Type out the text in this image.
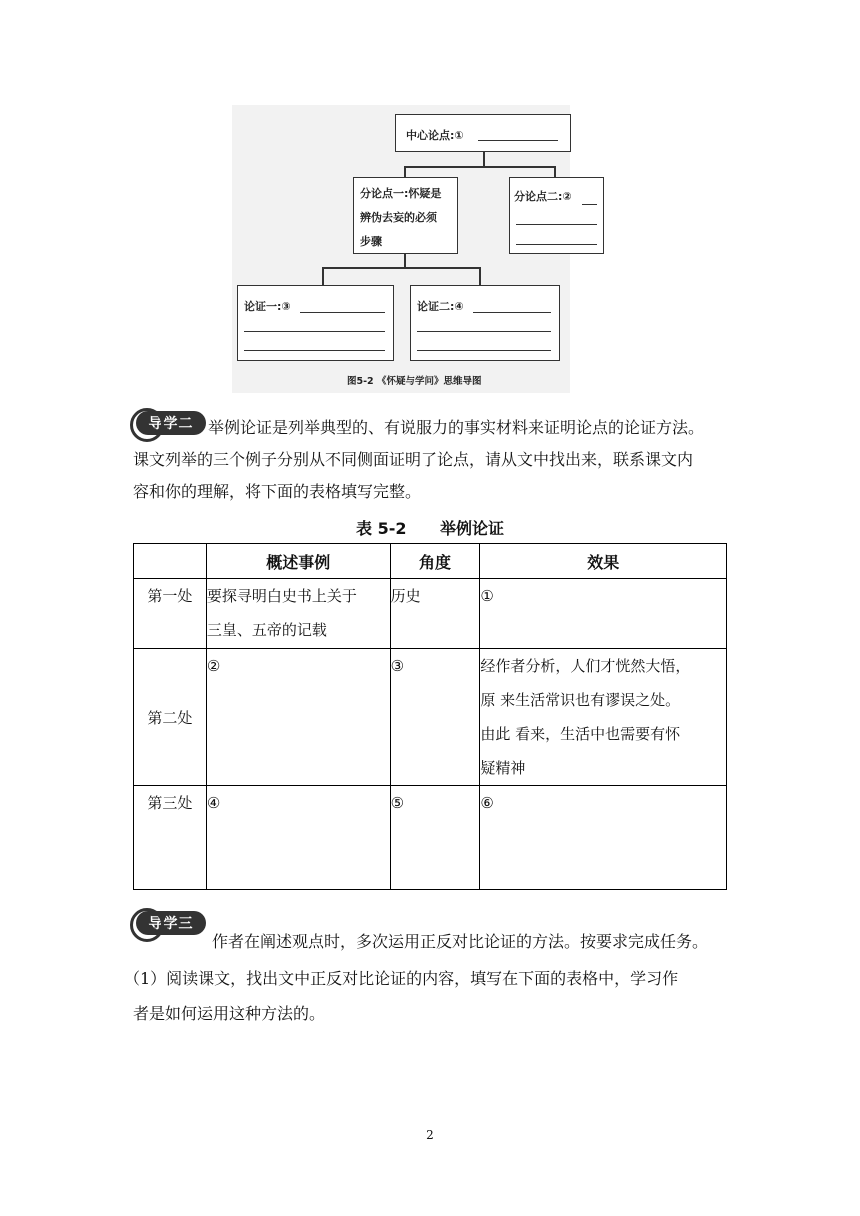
中心论点:①
分论点一:怀疑是
辨伪去妄的必须
步骤
分论点二:②
论证一:③	论证二:④
图5-2 《怀疑与学问》思维导图
导学二 举例论证是列举典型的、有说服力的事实材料来证明论点的论证方法。
课文列举的三个例子分别从不同侧面证明了论点，请从文中找出来，联系课文内
容和你的理解，将下面的表格填写完整。
表 5-2      举例论证
	概述事例	角度	效果
第一处	要探寻明白史书上关于
三皇、五帝的记载	历史	①
第二处	②	③	经作者分析，人们才恍然大悟，
原 来生活常识也有谬误之处。
由此 看来，生活中也需要有怀
疑精神

第三处	④	⑤	⑥
导学三
作者在阐述观点时，多次运用正反对比论证的方法。按要求完成任务。
（1）阅读课文，找出文中正反对比论证的内容，填写在下面的表格中，学习作
者是如何运用这种方法的。
2
